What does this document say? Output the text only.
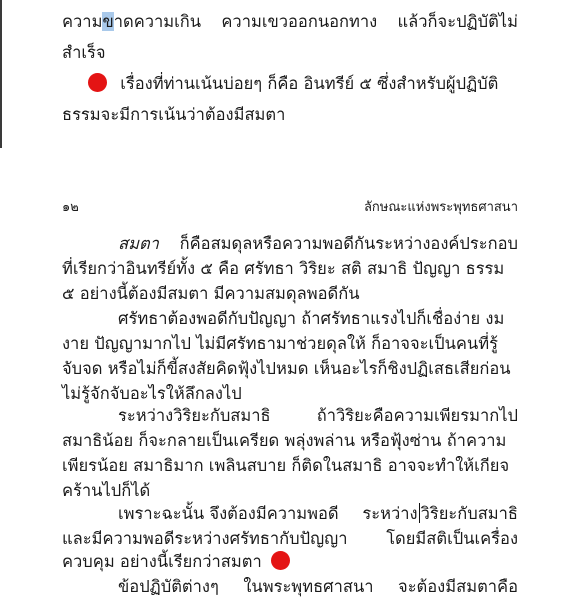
ความขาดความเกิน ความเขวออกนอกทาง แล้วก็จะปฏิบัติไม่
สำเร็จ
เรื่องที่ท่านเน้นบ่อยๆ ก็คือ อินทรีย์ ๕ ซึ่งสำหรับผู้ปฏิบัติ
ธรรมจะมีการเน้นว่าต้องมีสมตา
๑๒	ลักษณะแห่งพระพุทธศาสนา
สมตา ก็คือสมดุลหรือความพอดีกันระหว่างองค์ประกอบ
ที่เรียกว่าอินทรีย์ทั้ง ๕ คือ ศรัทธา วิริยะ สติ สมาธิ ปัญญา ธรรม
๕ อย่างนี้ต้องมีสมตา มีความสมดุลพอดีกัน
ศรัทธาต้องพอดีกับปัญญา ถ้าศรัทธาแรงไปก็เชื่อง่าย งม
งาย ปัญญามากไป ไม่มีศรัทธามาช่วยดุลให้ ก็อาจจะเป็นคนที่รู้
จับจด หรือไม่ก็ขี้สงสัยคิดฟุ้งไปหมด เห็นอะไรก็ชิงปฏิเสธเสียก่อน
ไม่รู้จักจับอะไรให้ลึกลงไป
ระหว่างวิริยะกับสมาธิ	ถ้าวิริยะคือความเพียรมากไป
สมาธิน้อย ก็จะกลายเป็นเครียด พลุ่งพล่าน หรือฟุ้งซ่าน ถ้าความ
เพียรน้อย สมาธิมาก เพลินสบาย ก็ติดในสมาธิ อาจจะทำให้เกียจ
คร้านไปก็ได้
เพราะฉะนั้น จึงต้องมีความพอดี ระหว่าง วิริยะกับสมาธิ
และมีความพอดีระหว่างศรัทธากับปัญญา โดยมีสติเป็นเครื่อง
ควบคุม อย่างนี้เรียกว่าสมตา
ข้อปฏิบัติต่างๆ ในพระพุทธศาสนา จะต้องมีสมตาคือ
